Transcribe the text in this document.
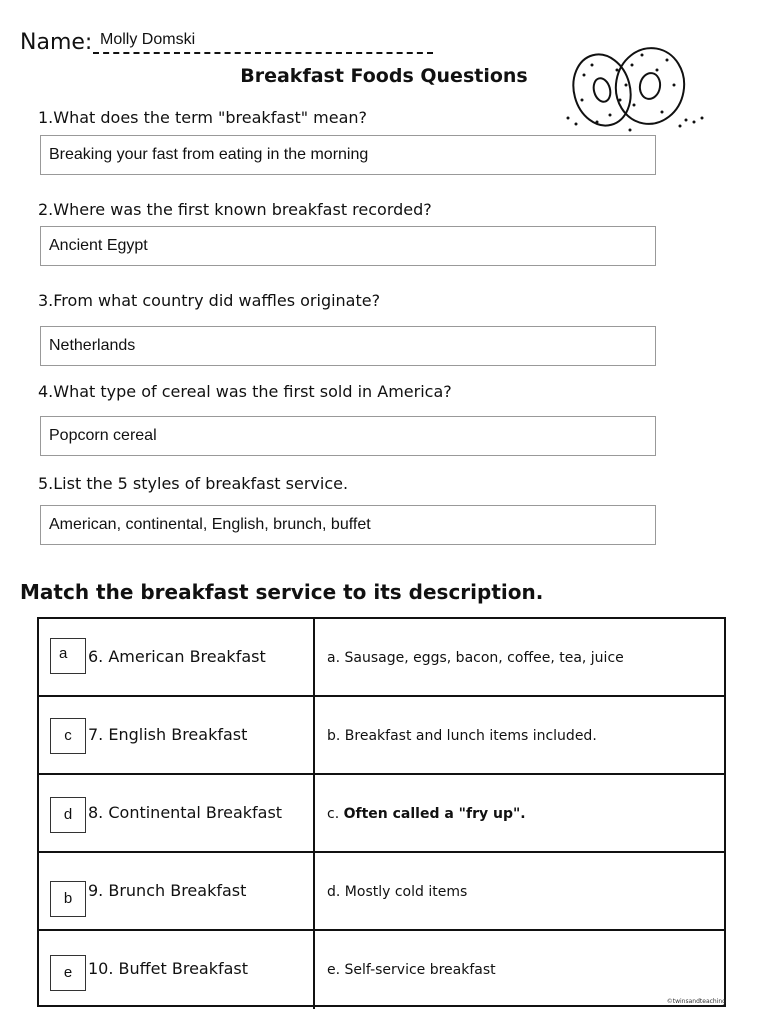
Name: Molly Domski
Breakfast Foods Questions
1.What does the term "breakfast" mean?
Breaking your fast from eating in the morning
2.Where was the first known breakfast recorded?
Ancient Egypt
3.From what country did waffles originate?
Netherlands
4.What type of cereal was the first sold in America?
Popcorn cereal
5.List the 5 styles of breakfast service.
American, continental, English, brunch, buffet
Match the breakfast service to its description.
a	6. American Breakfast	a. Sausage, eggs, bacon, coffee, tea, juice
c	7. English Breakfast	b. Breakfast and lunch items included.
d 8. Continental Breakfast	c. Often called a "fry up".
b 9. Brunch Breakfast	d. Mostly cold items
e 10. Buffet Breakfast	e. Self-service breakfast
©twinsandteaching
